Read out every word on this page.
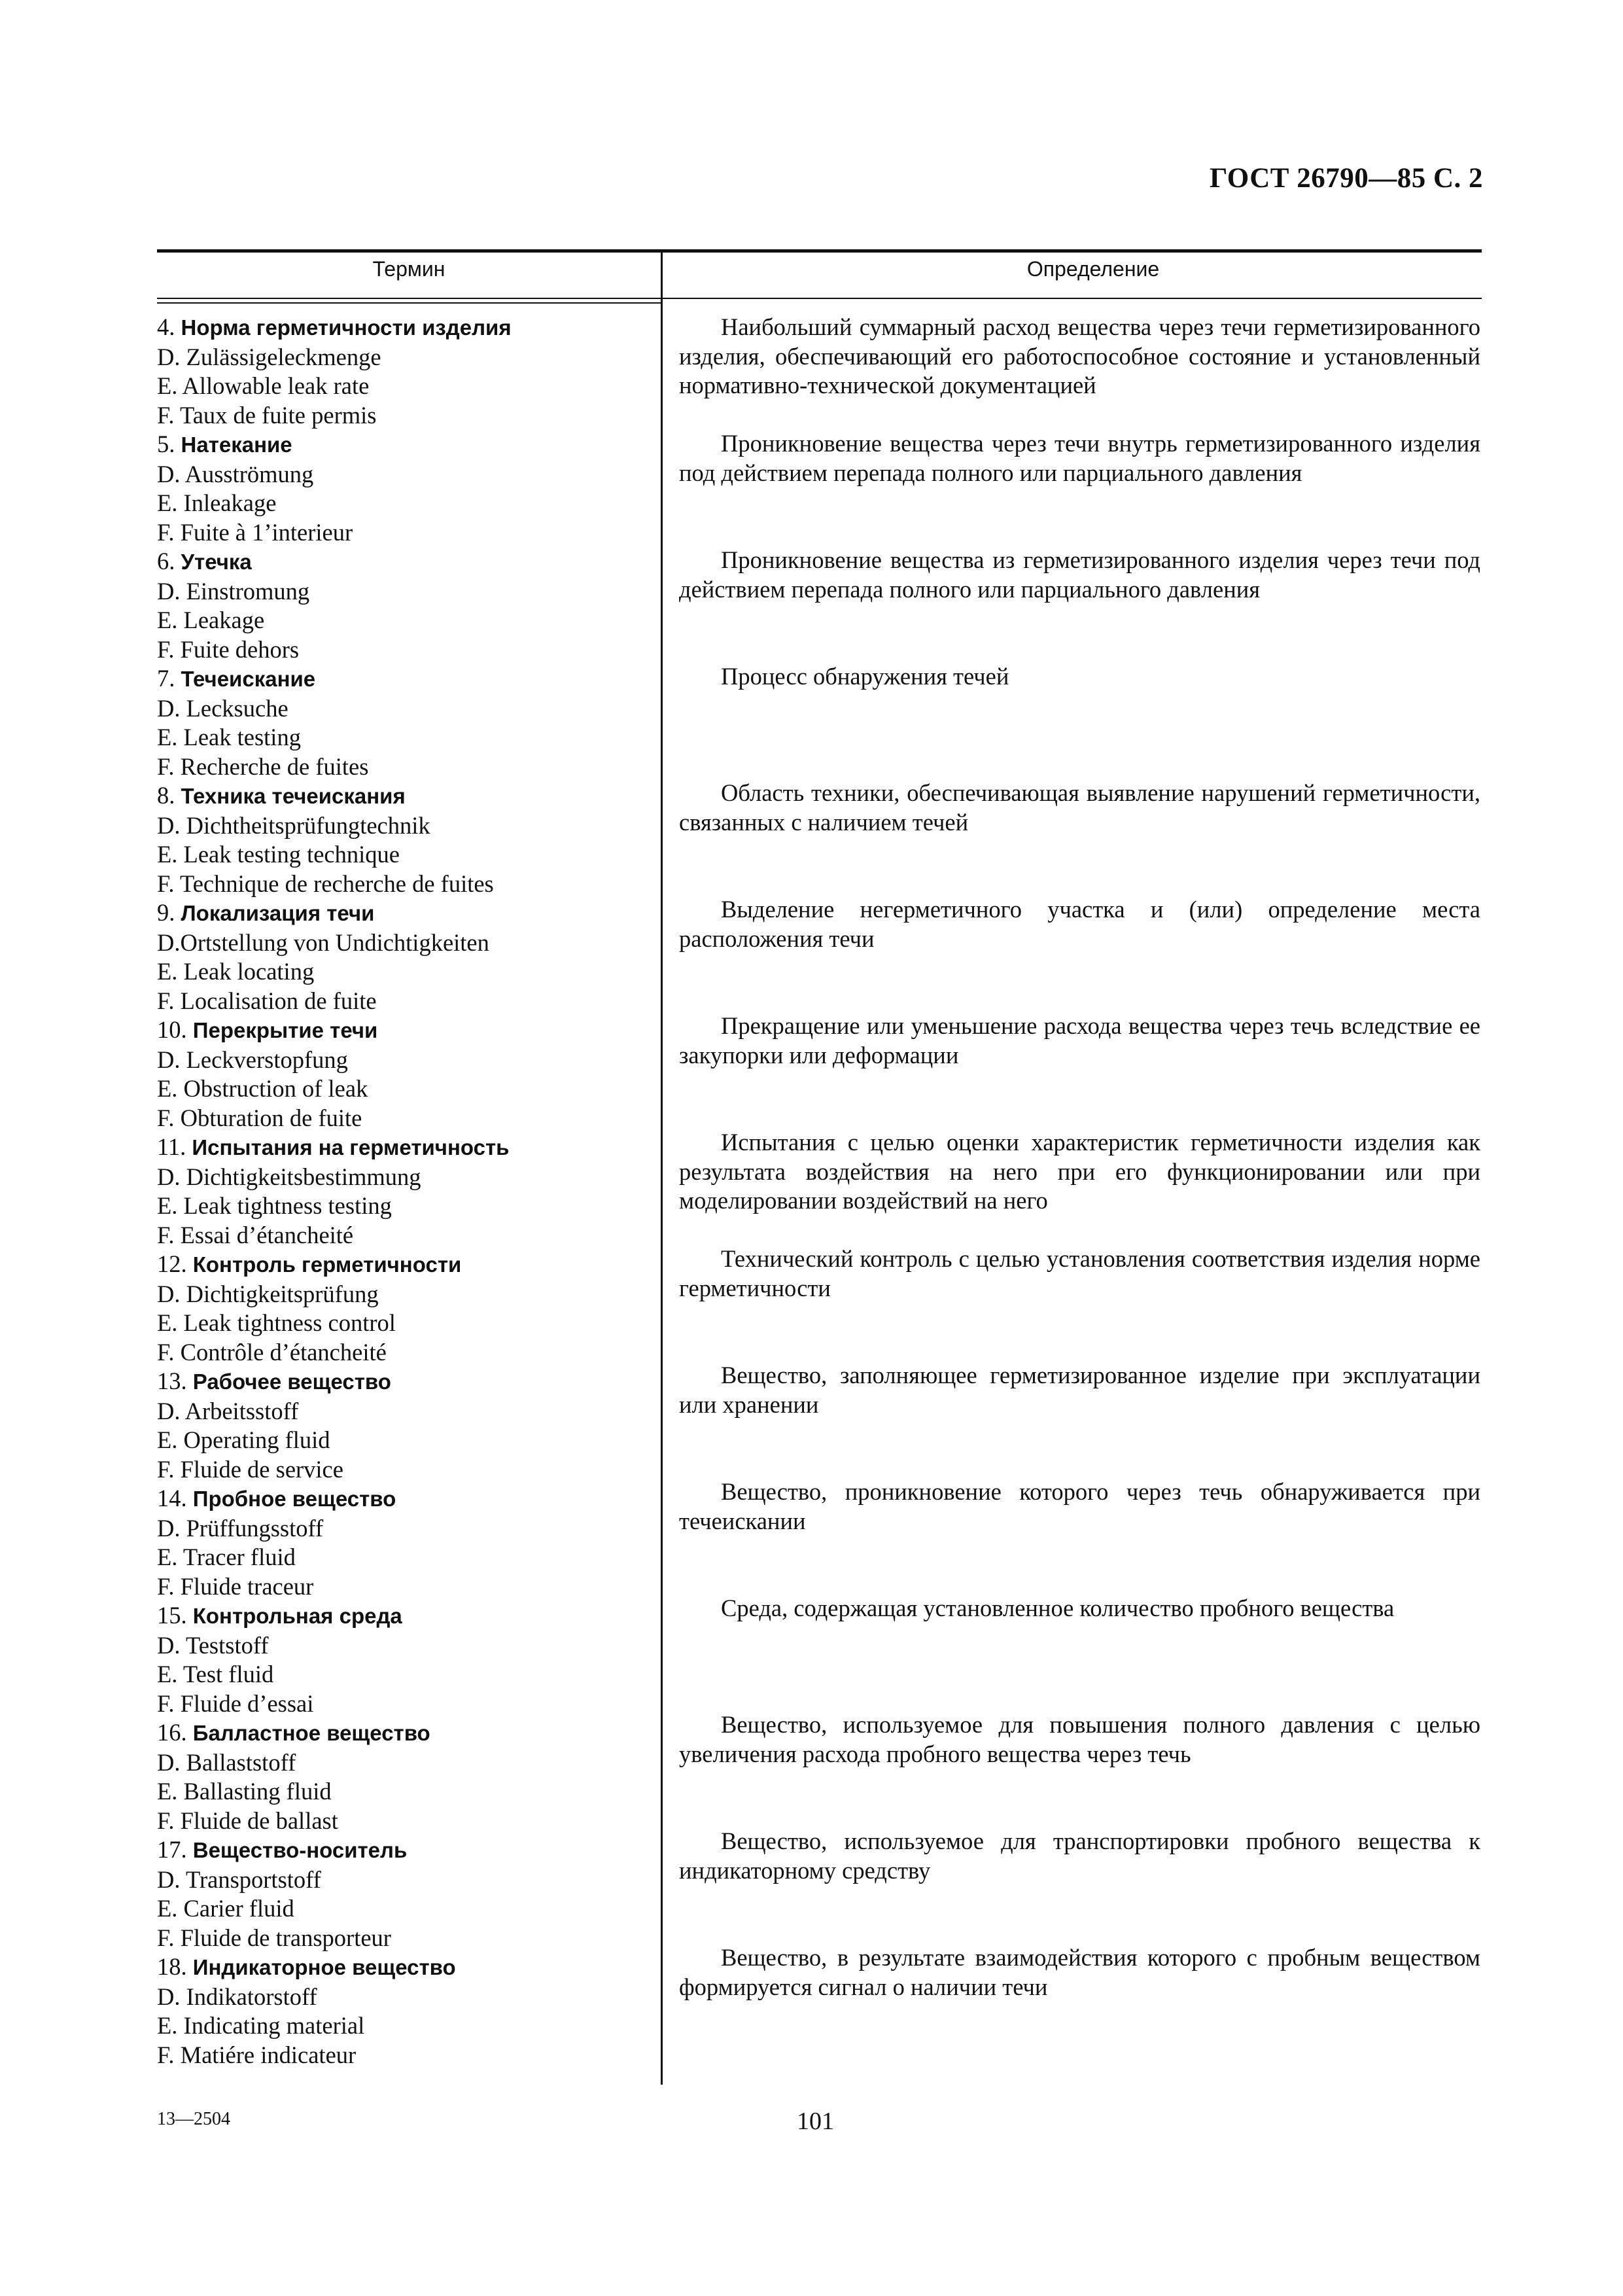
ГОСТ 26790—85 С. 2
Термин	Определение
4. Норма герметичности изделия
D. Zulässigeleckmenge
E. Allowable leak rate
F. Taux de fuite permis
5. Натекание
D. Ausströmung
E. Inleakage
F. Fuite à 1’interieur
6. Утечка
D. Einstromung
E. Leakage
F. Fuite dehors
7. Течеискание
D. Lecksuche
E. Leak testing
F. Recherche de fuites
8. Техника течеискания
D. Dichtheitsprüfungtechnik
E. Leak testing technique
F. Technique de recherche de fuites
9. Локализация течи
D.Ortstellung von Undichtigkeiten
E. Leak locating
F. Localisation de fuite
10. Перекрытие течи
D. Leckverstopfung
E. Obstruction of leak
F. Obturation de fuite
11. Испытания на герметичность
D. Dichtigkeitsbestimmung
E. Leak tightness testing
F. Essai d’étancheité
12. Контроль герметичности
D. Dichtigkeitsprüfung
E. Leak tightness control
F. Contrôle d’étancheité
13. Рабочее вещество
D. Arbeitsstoff
E. Operating fluid
F. Fluide de service
14. Пробное вещество
D. Prüffungsstoff
E. Tracer fluid
F. Fluide traceur
15. Контрольная среда
D. Teststoff
E. Test fluid
F. Fluide d’essai
16. Балластное вещество
D. Ballaststoff
E. Ballasting fluid
F. Fluide de ballast
17. Вещество-носитель
D. Transportstoff
E. Carier fluid
F. Fluide de transporteur
18. Индикаторное вещество
D. Indikatorstoff
E. Indicating material
F. Matiére indicateur
Наибольший суммарный расход вещества через течи герметизированного изделия, обеспечивающий его работоспособное состояние и установленный нормативно-технической документацией
Проникновение вещества через течи внутрь герметизированного изделия под действием перепада полного или парциального давления
Проникновение вещества из герметизированного изделия через течи под действием перепада полного или парциального давления
Процесс обнаружения течей
Область техники, обеспечивающая выявление нарушений герметичности, связанных с наличием течей
Выделение негерметичного участка и (или) определение места расположения течи
Прекращение или уменьшение расхода вещества через течь вследствие ее закупорки или деформации
Испытания с целью оценки характеристик герметичности изделия как результата воздействия на него при его функционировании или при моделировании воздействий на него
Технический контроль с целью установления соответствия изделия норме герметичности
Вещество, заполняющее герметизированное изделие при эксплуатации или хранении
Вещество, проникновение которого через течь обнаруживается при течеискании
Среда, содержащая установленное количество пробного вещества
Вещество, используемое для повышения полного давления с целью увеличения расхода пробного вещества через течь
Вещество, используемое для транспортировки пробного вещества к индикаторному средству
Вещество, в результате взаимодействия которого с пробным веществом формируется сигнал о наличии течи
13—2504	101
